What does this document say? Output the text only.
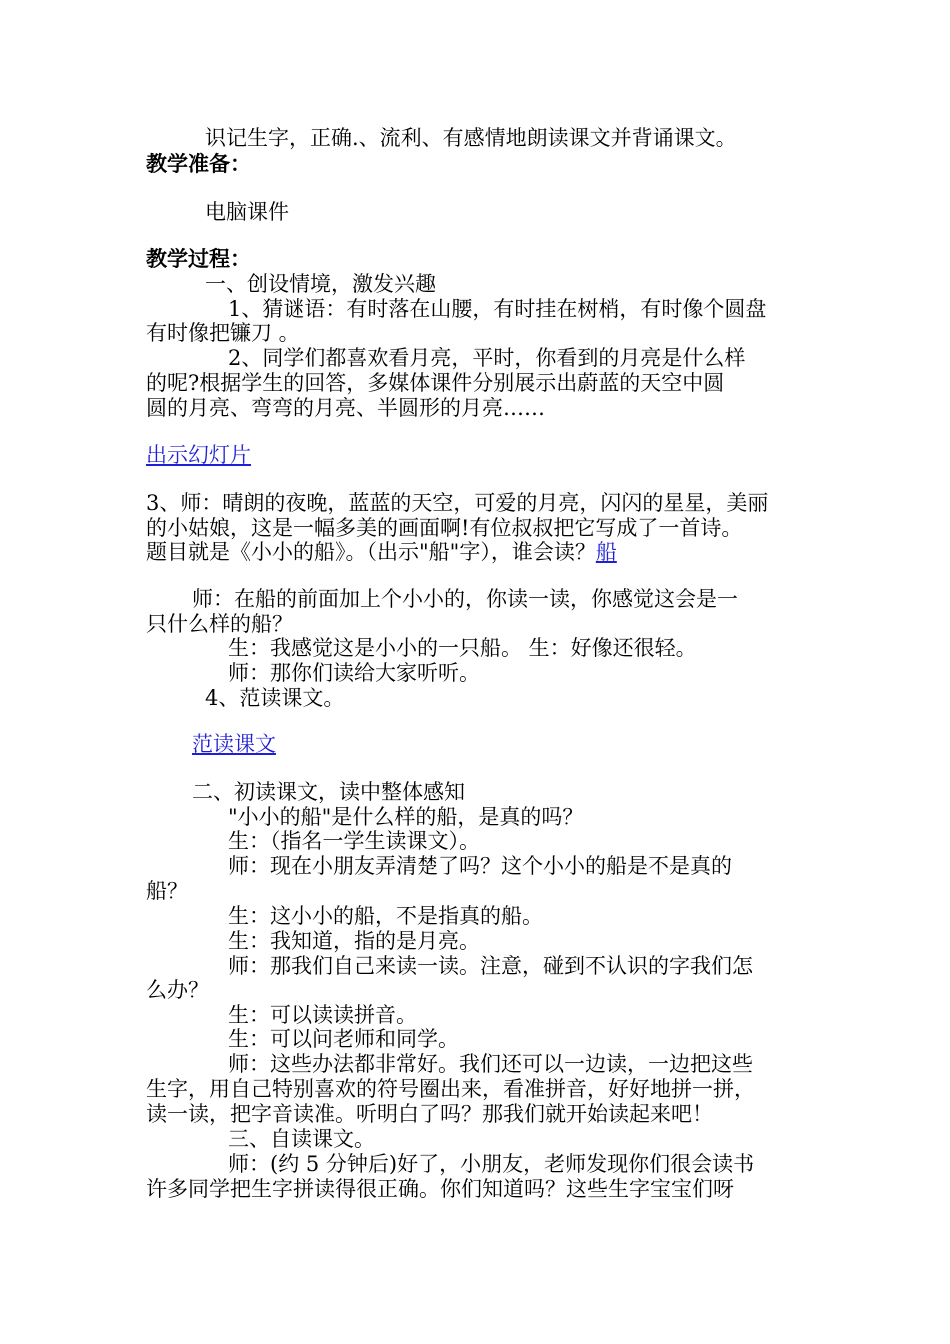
识记生字，正确.、流利、有感情地朗读课文并背诵课文。
教学准备：
电脑课件
教学过程：
一、创设情境，激发兴趣
1、猜谜语：有时落在山腰，有时挂在树梢，有时像个圆盘
有时像把镰刀 。
2、同学们都喜欢看月亮，平时，你看到的月亮是什么样
的呢?根据学生的回答，多媒体课件分别展示出蔚蓝的天空中圆
圆的月亮、弯弯的月亮、半圆形的月亮……
出示幻灯片
3、师：晴朗的夜晚，蓝蓝的天空，可爱的月亮，闪闪的星星，美丽
的小姑娘，这是一幅多美的画面啊!有位叔叔把它写成了一首诗。
题目就是《小小的船》。（出示"船"字），谁会读？船
师：在船的前面加上个小小的，你读一读，你感觉这会是一
只什么样的船？
生：我感觉这是小小的一只船。 生：好像还很轻。
师：那你们读给大家听听。
4、范读课文。
范读课文
二、初读课文，读中整体感知
"小小的船"是什么样的船，是真的吗？
生：（指名一学生读课文）。
师：现在小朋友弄清楚了吗？这个小小的船是不是真的
船？
生：这小小的船，不是指真的船。
生：我知道，指的是月亮。
师：那我们自己来读一读。注意，碰到不认识的字我们怎
么办？
生：可以读读拼音。
生：可以问老师和同学。
师：这些办法都非常好。我们还可以一边读，一边把这些
生字，用自己特别喜欢的符号圈出来，看准拼音，好好地拼一拼，
读一读，把字音读准。听明白了吗？那我们就开始读起来吧！
三、自读课文。
师：(约 5 分钟后)好了，小朋友，老师发现你们很会读书
许多同学把生字拼读得很正确。你们知道吗？这些生字宝宝们呀
